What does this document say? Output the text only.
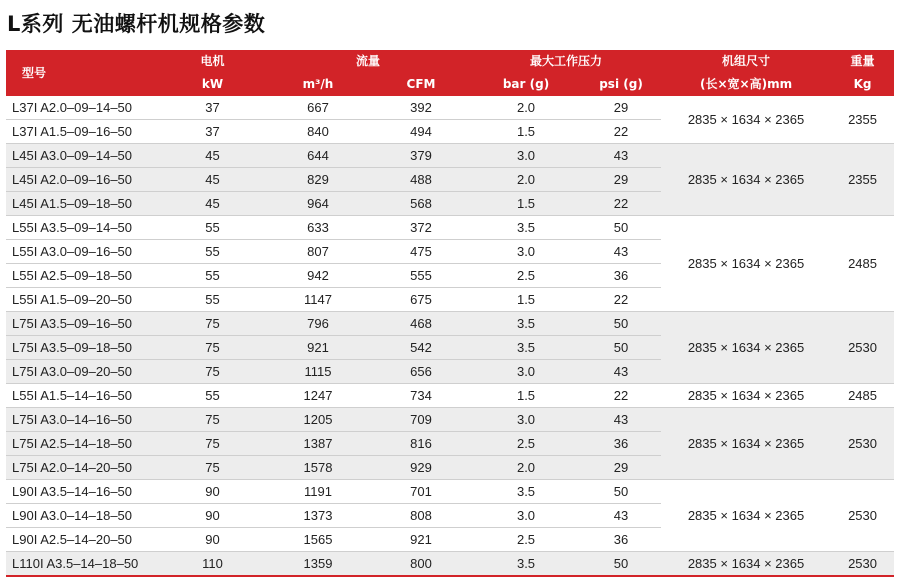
L系列 无油螺杆机规格参数
型号	电机	流量		最大工作压力		机组尺寸	重量
	kW	m³/h	CFM	bar (g)	psi (g)	(长×宽×高)mm	Kg
L37I A2.0–09–14–50	37	667	392	2.0	29	2835 × 1634 × 2365	2355
L37I A1.5–09–16–50	37	840	494	1.5	22		
L45I A3.0–09–14–50	45	644	379	3.0	43	2835 × 1634 × 2365	2355
L45I A2.0–09–16–50	45	829	488	2.0	29		
L45I A1.5–09–18–50	45	964	568	1.5	22		
L55I A3.5–09–14–50	55	633	372	3.5	50	2835 × 1634 × 2365	2485
L55I A3.0–09–16–50	55	807	475	3.0	43		
L55I A2.5–09–18–50	55	942	555	2.5	36		
L55I A1.5–09–20–50	55	1147	675	1.5	22		
L75I A3.5–09–16–50	75	796	468	3.5	50	2835 × 1634 × 2365	2530
L75I A3.5–09–18–50	75	921	542	3.5	50		
L75I A3.0–09–20–50	75	1115	656	3.0	43		
L55I A1.5–14–16–50	55	1247	734	1.5	22	2835 × 1634 × 2365	2485
L75I A3.0–14–16–50	75	1205	709	3.0	43	2835 × 1634 × 2365	2530
L75I A2.5–14–18–50	75	1387	816	2.5	36		
L75I A2.0–14–20–50	75	1578	929	2.0	29		
L90I A3.5–14–16–50	90	1191	701	3.5	50	2835 × 1634 × 2365	2530
L90I A3.0–14–18–50	90	1373	808	3.0	43		
L90I A2.5–14–20–50	90	1565	921	2.5	36		
L110I A3.5–14–18–50	110	1359	800	3.5	50	2835 × 1634 × 2365	2530
